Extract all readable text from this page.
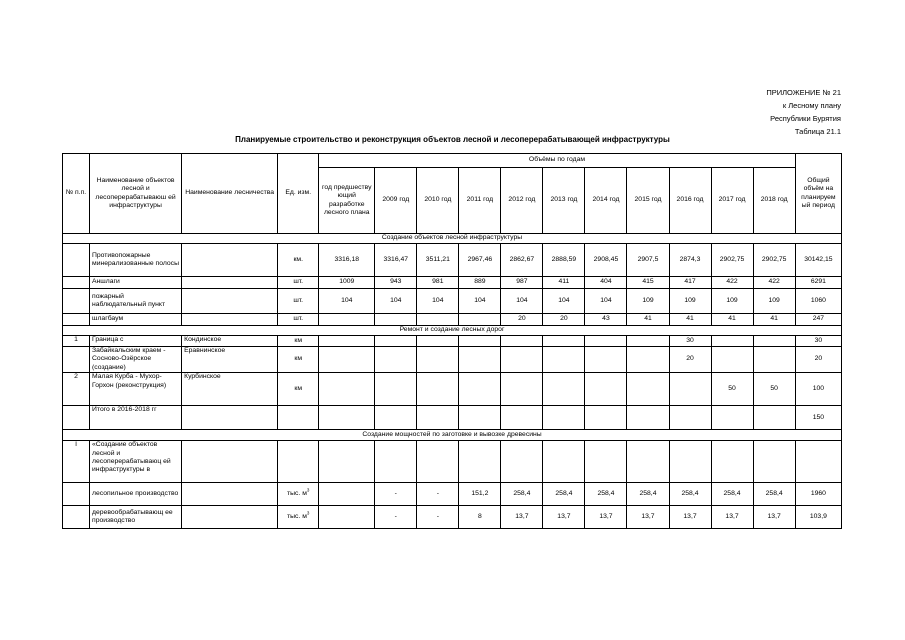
ПРИЛОЖЕНИЕ № 21
к Лесному плану
Республики Бурятия
Таблица 21.1
Планируемые строительство и реконструкция объектов лесной и лесоперерабатывающей инфраструктуры
№ п.п.	Наименование объектов лесной и лесоперерабатываюш ей инфраструктуры	Наименование лесничества	Ед. изм.	Объёмы по годам											Общий объём на планируем ый период
				год предшеству ющий разработке лесного плана	2009 год	2010 год	2011 год	2012 год	2013 год	2014 год	2015 год	2016 год	2017 год	2018 год	
Создание объектов лесной инфраструктуры															
	Противопожарные минерализованные полосы		км.	3316,18	3316,47	3511,21	2967,46	2862,67	2888,59	2908,45	2907,5	2874,3	2902,75	2902,75	30142,15
	Аншлаги		шт.	1009	943	981	889	987	411	404	415	417	422	422	6291
	пожарный наблюдательный пункт		шт.	104	104	104	104	104	104	104	109	109	109	109	1060
	шлагбаум		шт.					20	20	43	41	41	41	41	247
Ремонт и создание лесных дорог															
1	Граница с	Кондинское	км									30			30
	Забайкальским краем - Сосново-Озёрское (создание)	Еравнинское	км									20			20
2	Малая Курба - Мухор-Горхон (реконструкция)	Курбинское	км										50	50	100
	Итого в 2016-2018 гг														150
Создание мощностей по заготовке и вывозке древесины															
I	«Создание объектов лесной и лесоперерабатываюц ей инфраструктуры в														
	лесопильное производство		тыс. $м^3$		-	-	151,2	258,4	258,4	258,4	258,4	258,4	258,4	258,4	1960
	деревообрабатывающ ее производство		тыс. $м^3$		-	-	8	13,7	13,7	13,7	13,7	13,7	13,7	13,7	103,9
